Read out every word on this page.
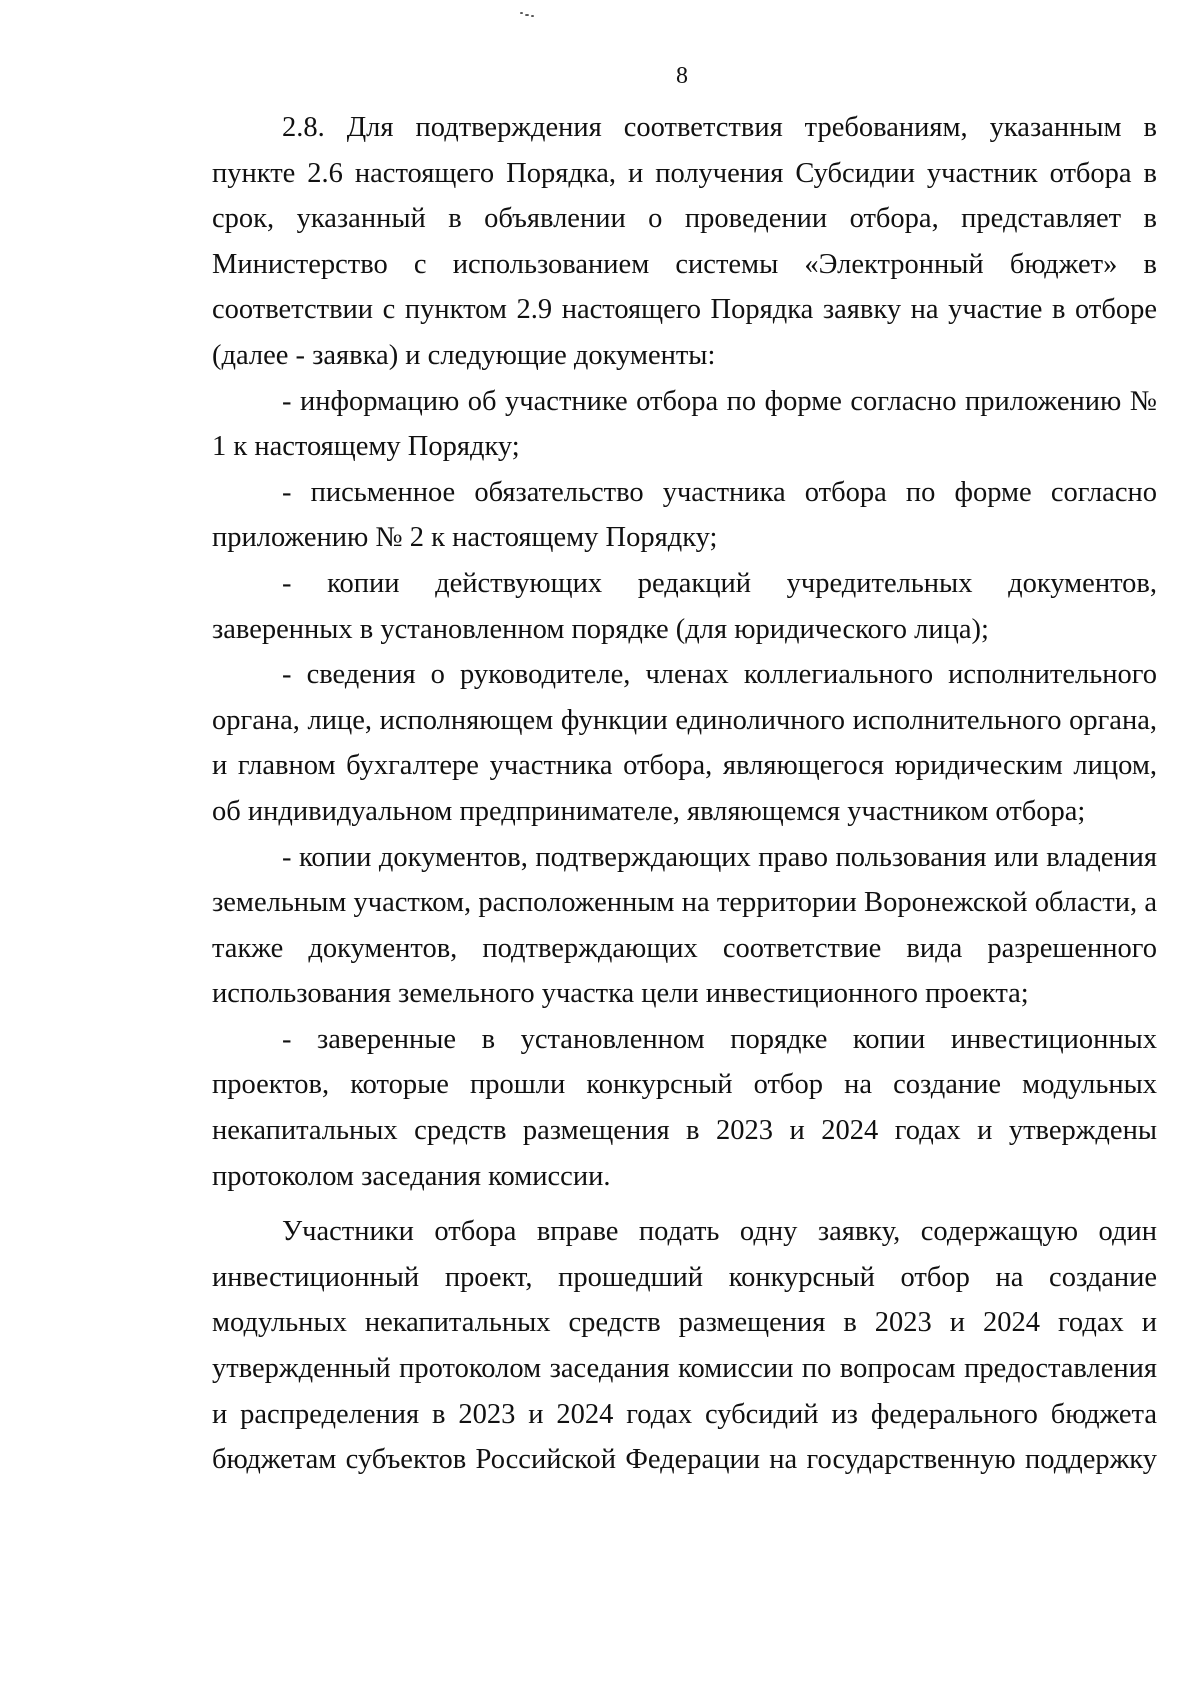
8

2.8. Для подтверждения соответствия требованиям, указанным в пункте 2.6 настоящего Порядка, и получения Субсидии участник отбора в срок, указанный в объявлении о проведении отбора, представляет в Министерство с использованием системы «Электронный бюджет» в соответствии с пунктом 2.9 настоящего Порядка заявку на участие в отборе (далее - заявка) и следующие документы:

- информацию об участнике отбора по форме согласно приложению № 1 к настоящему Порядку;

- письменное обязательство участника отбора по форме согласно приложению № 2 к настоящему Порядку;

- копии действующих редакций учредительных документов, заверенных в установленном порядке (для юридического лица);

- сведения о руководителе, членах коллегиального исполнительного органа, лице, исполняющем функции единоличного исполнительного органа, и главном бухгалтере участника отбора, являющегося юридическим лицом, об индивидуальном предпринимателе, являющемся участником отбора;

- копии документов, подтверждающих право пользования или владения земельным участком, расположенным на территории Воронежской области, а также документов, подтверждающих соответствие вида разрешенного использования земельного участка цели инвестиционного проекта;

- заверенные в установленном порядке копии инвестиционных проектов, которые прошли конкурсный отбор на создание модульных некапитальных средств размещения в 2023 и 2024 годах и утверждены протоколом заседания комиссии.

Участники отбора вправе подать одну заявку, содержащую один инвестиционный проект, прошедший конкурсный отбор на создание модульных некапитальных средств размещения в 2023 и 2024 годах и утвержденный протоколом заседания комиссии по вопросам предоставления и распределения в 2023 и 2024 годах субсидий из федерального бюджета бюджетам субъектов Российской Федерации на государственную поддержку
